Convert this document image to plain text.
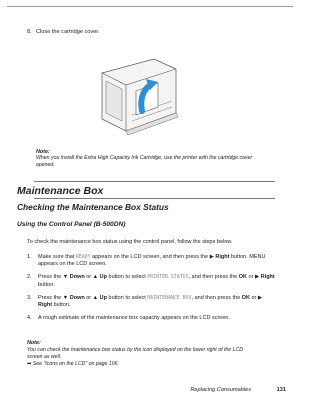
8. Close the cartridge cover.
Note:
When you install the Extra High Capacity Ink Cartridge, use the printer with the cartridge cover opened.
Maintenance Box
Checking the Maintenance Box Status
Using the Control Panel (B-500DN)
To check the maintenance box status using the control panel, follow the steps below.
1.	Make sure that READY appears on the LCD screen, and then press the ▶ Right button. MENU appears on the LCD screen.
2.	Press the ▼ Down or ▲ Up button to select PRINTER STATUS, and then press the OK or ▶ Right button.
3.	Press the ▼ Down or ▲ Up button to select MAINTENANCE BOX, and then press the OK or ▶ Right button.
4.	A rough estimate of the maintenance box capacity appears on the LCD screen.
Note:
You can check the maintenance box status by the icon displayed on the lower right of the LCD screen as well.
➡ See "Icons on the LCD" on page 106.
Replacing Consumables	131
